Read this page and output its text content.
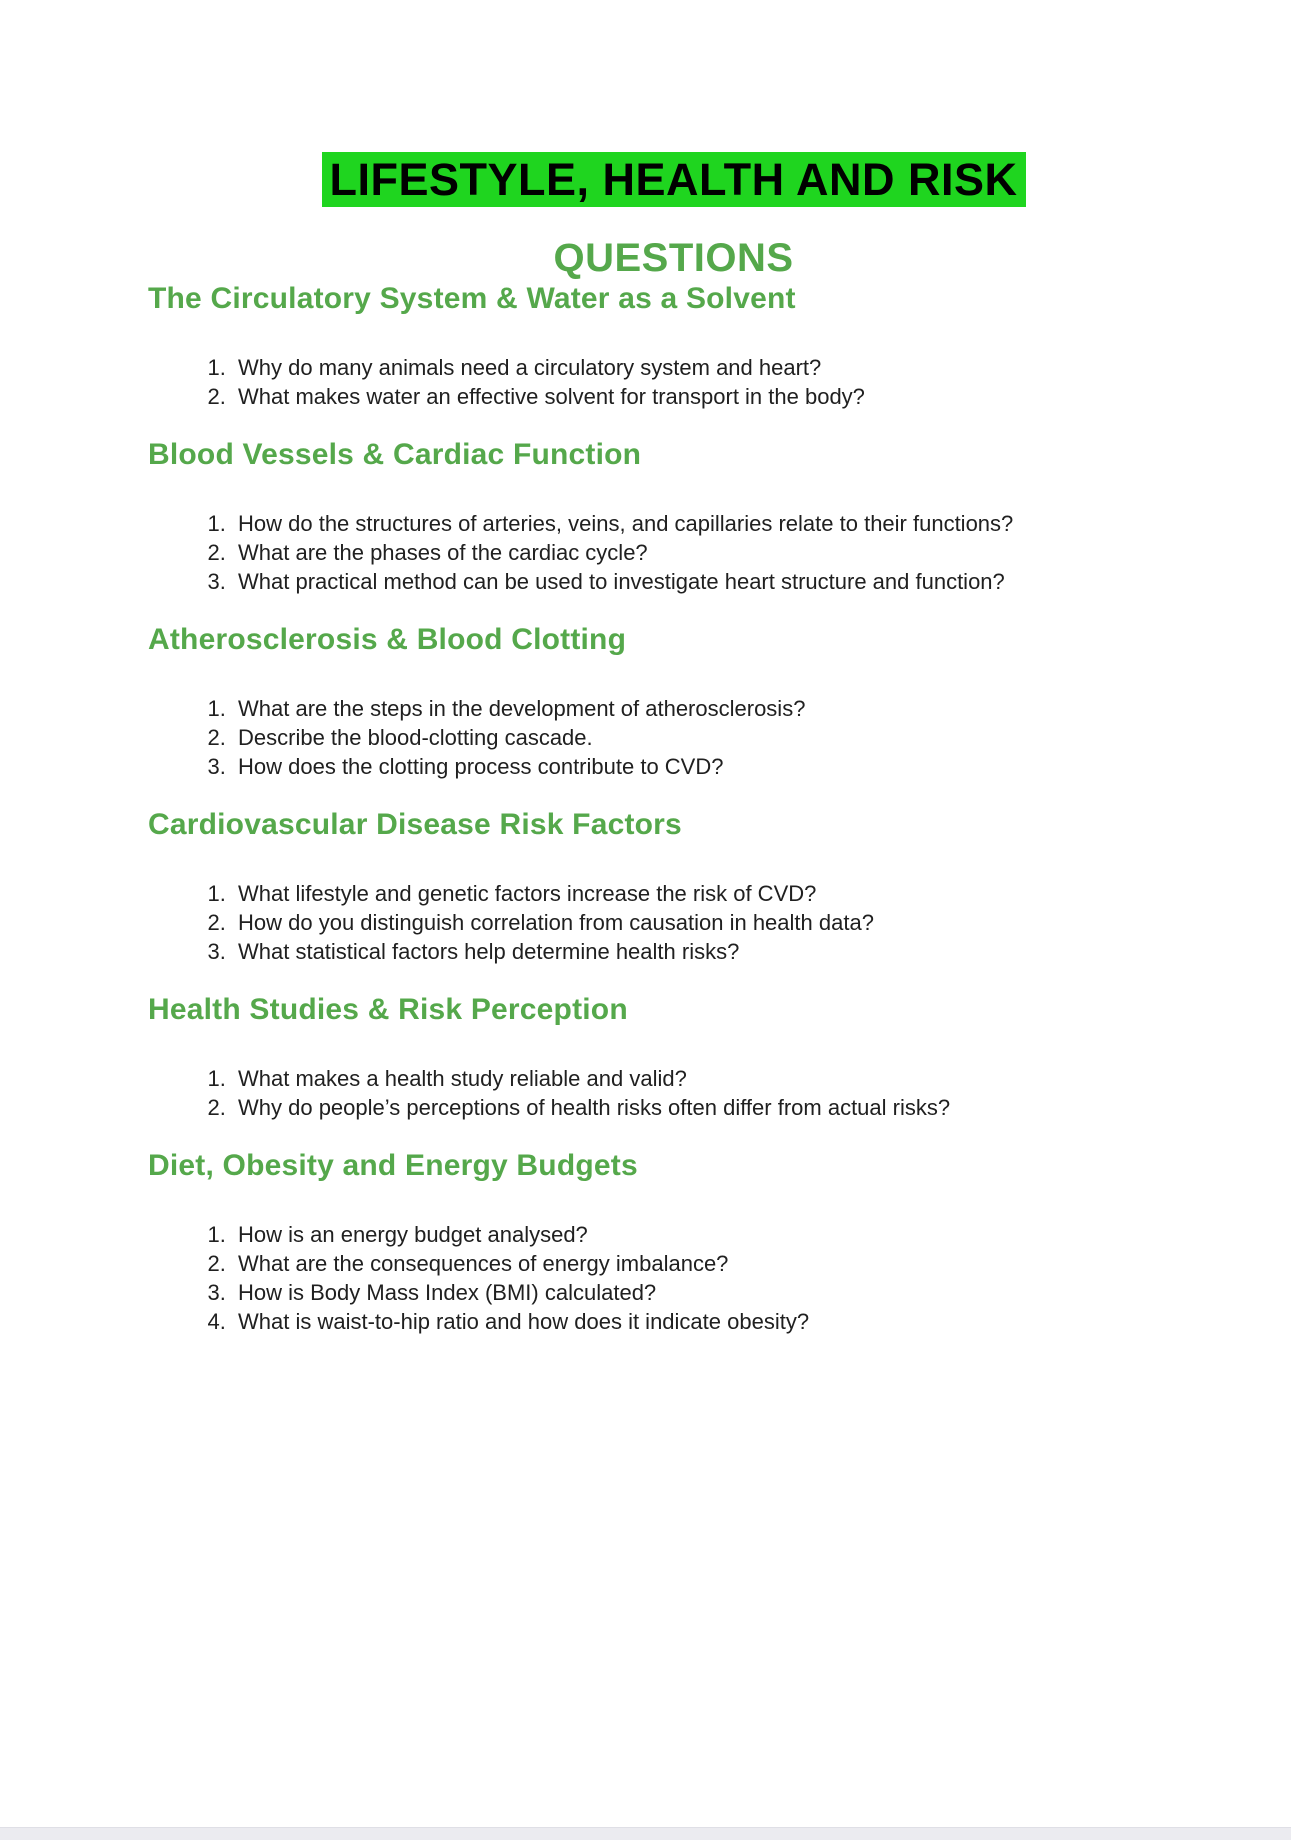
LIFESTYLE, HEALTH AND RISK
QUESTIONS
The Circulatory System & Water as a Solvent
1. Why do many animals need a circulatory system and heart?
2. What makes water an effective solvent for transport in the body?
Blood Vessels & Cardiac Function
1. How do the structures of arteries, veins, and capillaries relate to their functions?
2. What are the phases of the cardiac cycle?
3. What practical method can be used to investigate heart structure and function?
Atherosclerosis & Blood Clotting
1. What are the steps in the development of atherosclerosis?
2. Describe the blood-clotting cascade.
3. How does the clotting process contribute to CVD?
Cardiovascular Disease Risk Factors
1. What lifestyle and genetic factors increase the risk of CVD?
2. How do you distinguish correlation from causation in health data?
3. What statistical factors help determine health risks?
Health Studies & Risk Perception
1. What makes a health study reliable and valid?
2. Why do people’s perceptions of health risks often differ from actual risks?
Diet, Obesity and Energy Budgets
1. How is an energy budget analysed?
2. What are the consequences of energy imbalance?
3. How is Body Mass Index (BMI) calculated?
4. What is waist-to-hip ratio and how does it indicate obesity?
